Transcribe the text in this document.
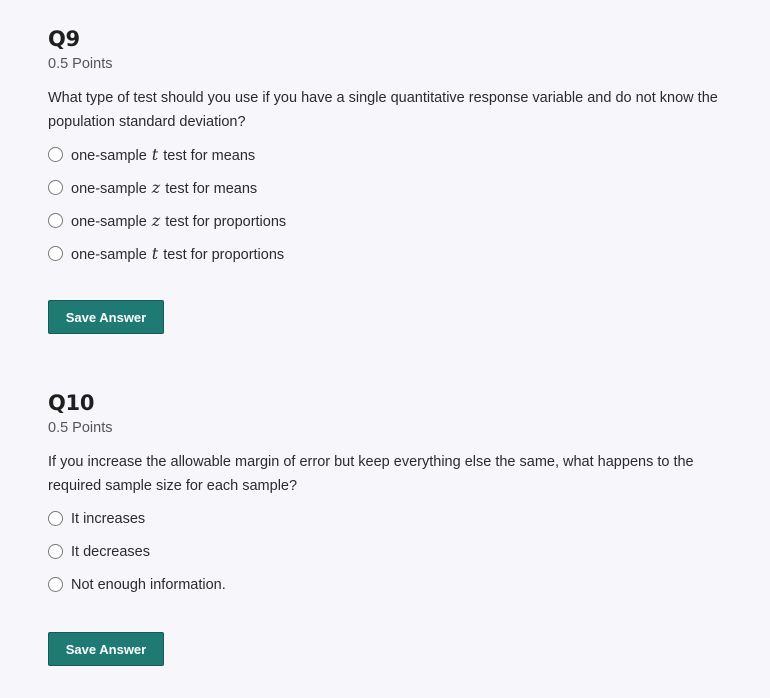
Q9
0.5 Points
What type of test should you use if you have a single quantitative response variable and do not know the population standard deviation?
one-sample t test for means
one-sample z test for means
one-sample z test for proportions
one-sample t test for proportions
Save Answer
Q10
0.5 Points
If you increase the allowable margin of error but keep everything else the same, what happens to the required sample size for each sample?
It increases
It decreases
Not enough information.
Save Answer
